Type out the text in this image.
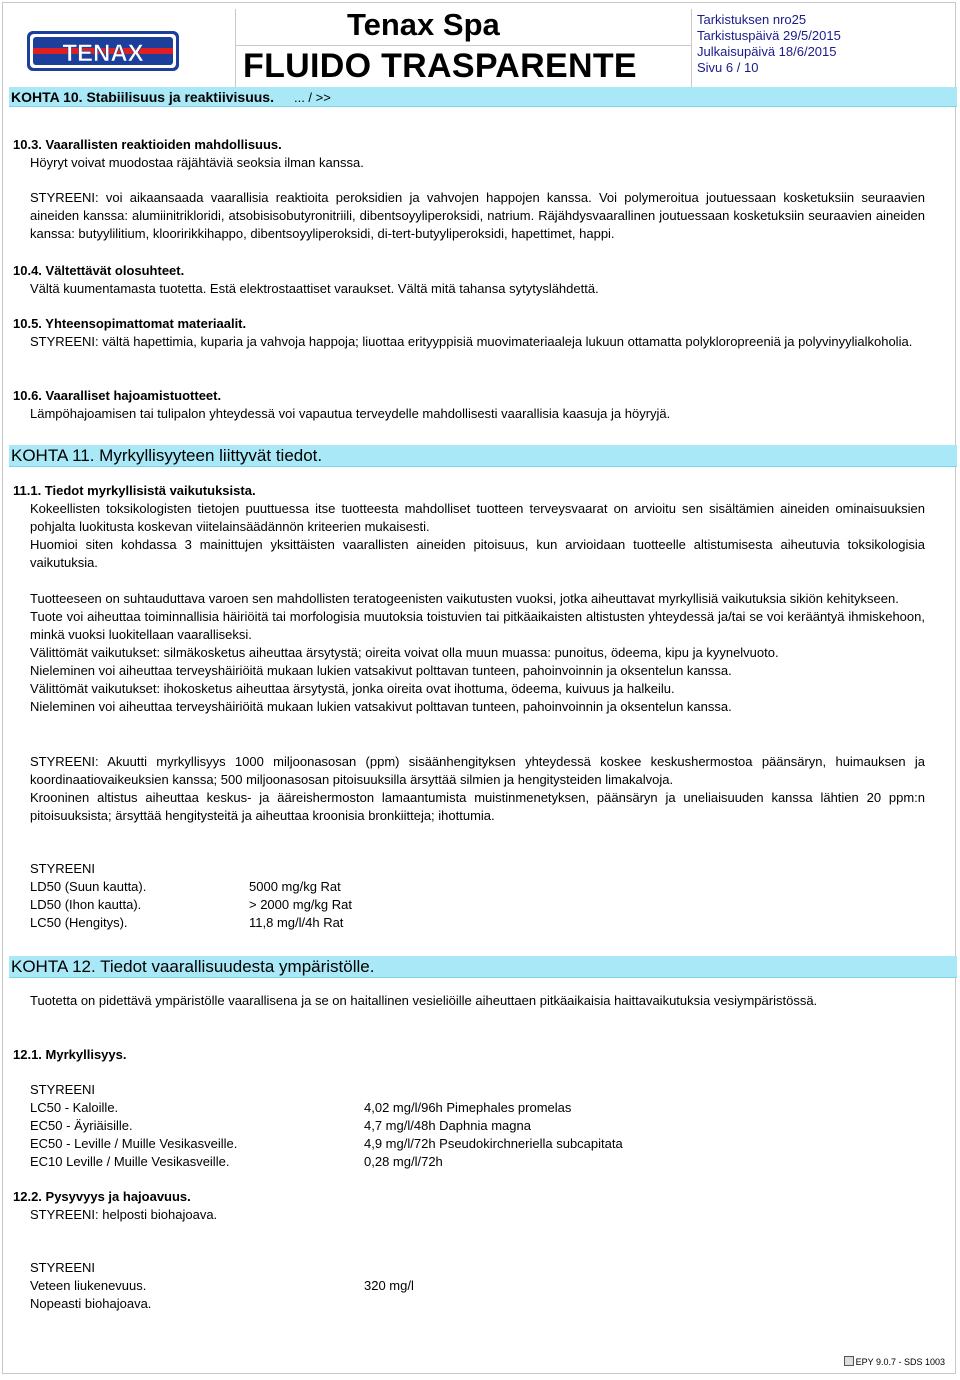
TENAX
Tenax Spa
FLUIDO TRASPARENTE
Tarkistuksen nro25
Tarkistuspäivä 29/5/2015
Julkaisupäivä 18/6/2015
Sivu 6 / 10
KOHTA 10. Stabiilisuus ja reaktiivisuus. ... / >>
10.3. Vaarallisten reaktioiden mahdollisuus.

Höyryt voivat muodostaa räjähtäviä seoksia ilman kanssa.

STYREENI: voi aikaansaada vaarallisia reaktioita peroksidien ja vahvojen happojen kanssa. Voi polymeroitua joutuessaan kosketuksiin seuraavien aineiden kanssa: alumiinitrikloridi, atsobisisobutyronitriili, dibentsoyyliperoksidi, natrium. Räjähdysvaarallinen joutuessaan kosketuksiin seuraavien aineiden kanssa: butyylilitium, klooririkkihappo, dibentsoyyliperoksidi, di-tert-butyyliperoksidi, hapettimet, happi.

10.4. Vältettävät olosuhteet.

Vältä kuumentamasta tuotetta. Estä elektrostaattiset varaukset. Vältä mitä tahansa sytytyslähdettä.

10.5. Yhteensopimattomat materiaalit.

STYREENI: vältä hapettimia, kuparia ja vahvoja happoja; liuottaa erityyppisiä muovimateriaaleja lukuun ottamatta polykloropreeniä ja polyvinyylialkoholia.

10.6. Vaaralliset hajoamistuotteet.

Lämpöhajoamisen tai tulipalon yhteydessä voi vapautua terveydelle mahdollisesti vaarallisia kaasuja ja höyryjä.

KOHTA 11. Myrkyllisyyteen liittyvät tiedot.
11.1. Tiedot myrkyllisistä vaikutuksista.

Kokeellisten toksikologisten tietojen puuttuessa itse tuotteesta mahdolliset tuotteen terveysvaarat on arvioitu sen sisältämien aineiden ominaisuuksien pohjalta luokitusta koskevan viitelainsäädännön kriteerien mukaisesti.

Huomioi siten kohdassa 3 mainittujen yksittäisten vaarallisten aineiden pitoisuus, kun arvioidaan tuotteelle altistumisesta aiheutuvia toksikologisia vaikutuksia.

Tuotteeseen on suhtauduttava varoen sen mahdollisten teratogeenisten vaikutusten vuoksi, jotka aiheuttavat myrkyllisiä vaikutuksia sikiön kehitykseen.

Tuote voi aiheuttaa toiminnallisia häiriöitä tai morfologisia muutoksia toistuvien tai pitkäaikaisten altistusten yhteydessä ja/tai se voi kerääntyä ihmiskehoon, minkä vuoksi luokitellaan vaaralliseksi.

Välittömät vaikutukset: silmäkosketus aiheuttaa ärsytystä; oireita voivat olla muun muassa: punoitus, ödeema, kipu ja kyynelvuoto.

Nieleminen voi aiheuttaa terveyshäiriöitä mukaan lukien vatsakivut polttavan tunteen, pahoinvoinnin ja oksentelun kanssa.

Välittömät vaikutukset: ihokosketus aiheuttaa ärsytystä, jonka oireita ovat ihottuma, ödeema, kuivuus ja halkeilu.

Nieleminen voi aiheuttaa terveyshäiriöitä mukaan lukien vatsakivut polttavan tunteen, pahoinvoinnin ja oksentelun kanssa.

STYREENI: Akuutti myrkyllisyys 1000 miljoonasosan (ppm) sisäänhengityksen yhteydessä koskee keskushermostoa päänsäryn, huimauksen ja koordinaatiovaikeuksien kanssa; 500 miljoonasosan pitoisuuksilla ärsyttää silmien ja hengitysteiden limakalvoja.

Krooninen altistus aiheuttaa keskus- ja ääreishermoston lamaantumista muistinmenetyksen, päänsäryn ja uneliaisuuden kanssa lähtien 20 ppm:n pitoisuuksista; ärsyttää hengitysteitä ja aiheuttaa kroonisia bronkiitteja; ihottumia.

STYREENI
LD50 (Suun kautta).	5000 mg/kg Rat
LD50 (Ihon kautta).	> 2000 mg/kg Rat
LC50 (Hengitys).	11,8 mg/l/4h Rat
KOHTA 12. Tiedot vaarallisuudesta ympäristölle.

Tuotetta on pidettävä ympäristölle vaarallisena ja se on haitallinen vesieliöille aiheuttaen pitkäaikaisia haittavaikutuksia vesiympäristössä.

12.1. Myrkyllisyys.
STYREENI
LC50 - Kaloille.	4,02 mg/l/96h Pimephales promelas
EC50 - Äyriäisille.	4,7 mg/l/48h Daphnia magna
EC50 - Leville / Muille Vesikasveille.	4,9 mg/l/72h Pseudokirchneriella subcapitata
EC10 Leville / Muille Vesikasveille.	0,28 mg/l/72h
12.2. Pysyvyys ja hajoavuus.
STYREENI: helposti biohajoava.
STYREENI
Veteen liukenevuus.	320 mg/l
Nopeasti biohajoava.
EPY 9.0.7 - SDS 1003
